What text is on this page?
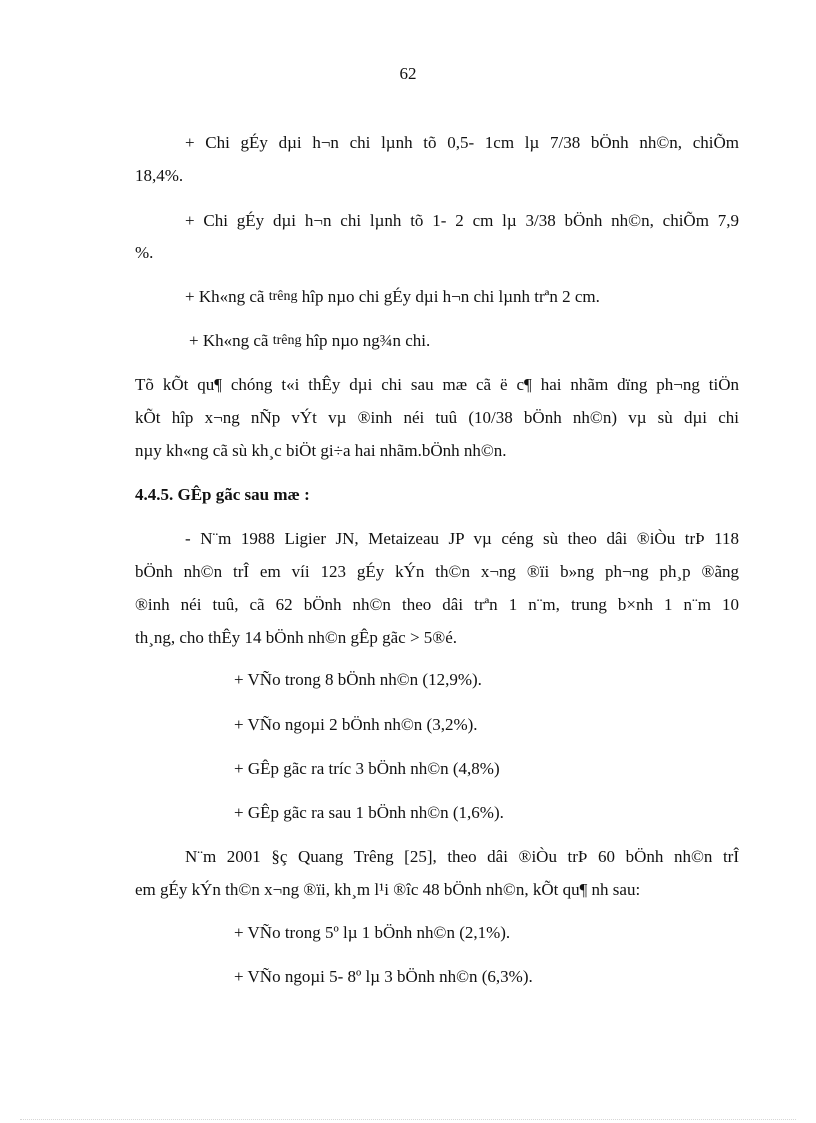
62
+ Chi gÉy dµi h¬n chi lµnh tõ 0,5- 1cm lµ 7/38 bÖnh nh©n, chiÕm
18,4%.
+ Chi gÉy dµi h¬n chi lµnh tõ 1- 2 cm lµ 3/38 bÖnh nh©n, chiÕm 7,9
%.
+ Kh«ng cã trêng hîp nµo chi gÉy dµi h¬n chi lµnh trªn 2 cm.
+ Kh«ng cã trêng hîp nµo ng¾n chi.
Tõ kÕt qu¶ chóng t«i thÊy dµi chi sau mæ cã ë c¶ hai nhãm dïng ph¬ng tiÖn
kÕt hîp x¬ng nÑp vÝt vµ ®inh néi tuû (10/38 bÖnh nh©n) vµ sù dµi chi
nµy kh«ng cã sù kh¸c biÖt gi÷a hai nhãm.bÖnh nh©n.
4.4.5. GÊp gãc sau mæ :
- N¨m 1988 Ligier JN, Metaizeau JP vµ céng sù theo dâi ®iÒu trÞ 118
bÖnh nh©n trÎ em víi 123 gÉy kÝn th©n x¬ng ®ïi b»ng ph¬ng ph¸p ®ãng
®inh néi tuû, cã 62 bÖnh nh©n theo dâi trªn 1 n¨m, trung b×nh 1 n¨m 10
th¸ng, cho thÊy 14 bÖnh nh©n gÊp gãc > 5®é.
+ VÑo trong 8 bÖnh nh©n (12,9%).
+ VÑo ngoµi 2 bÖnh nh©n (3,2%).
+ GÊp gãc ra tríc 3 bÖnh nh©n (4,8%)
+ GÊp gãc ra sau 1 bÖnh nh©n (1,6%).
N¨m 2001 §ç Quang Trêng [25], theo dâi ®iÒu trÞ 60 bÖnh nh©n trÎ
em gÉy kÝn th©n x¬ng ®ïi, kh¸m l¹i ®îc 48 bÖnh nh©n, kÕt qu¶ nh sau:
+ VÑo trong 5º lµ 1 bÖnh nh©n (2,1%).
+ VÑo ngoµi 5- 8º lµ 3 bÖnh nh©n (6,3%).
